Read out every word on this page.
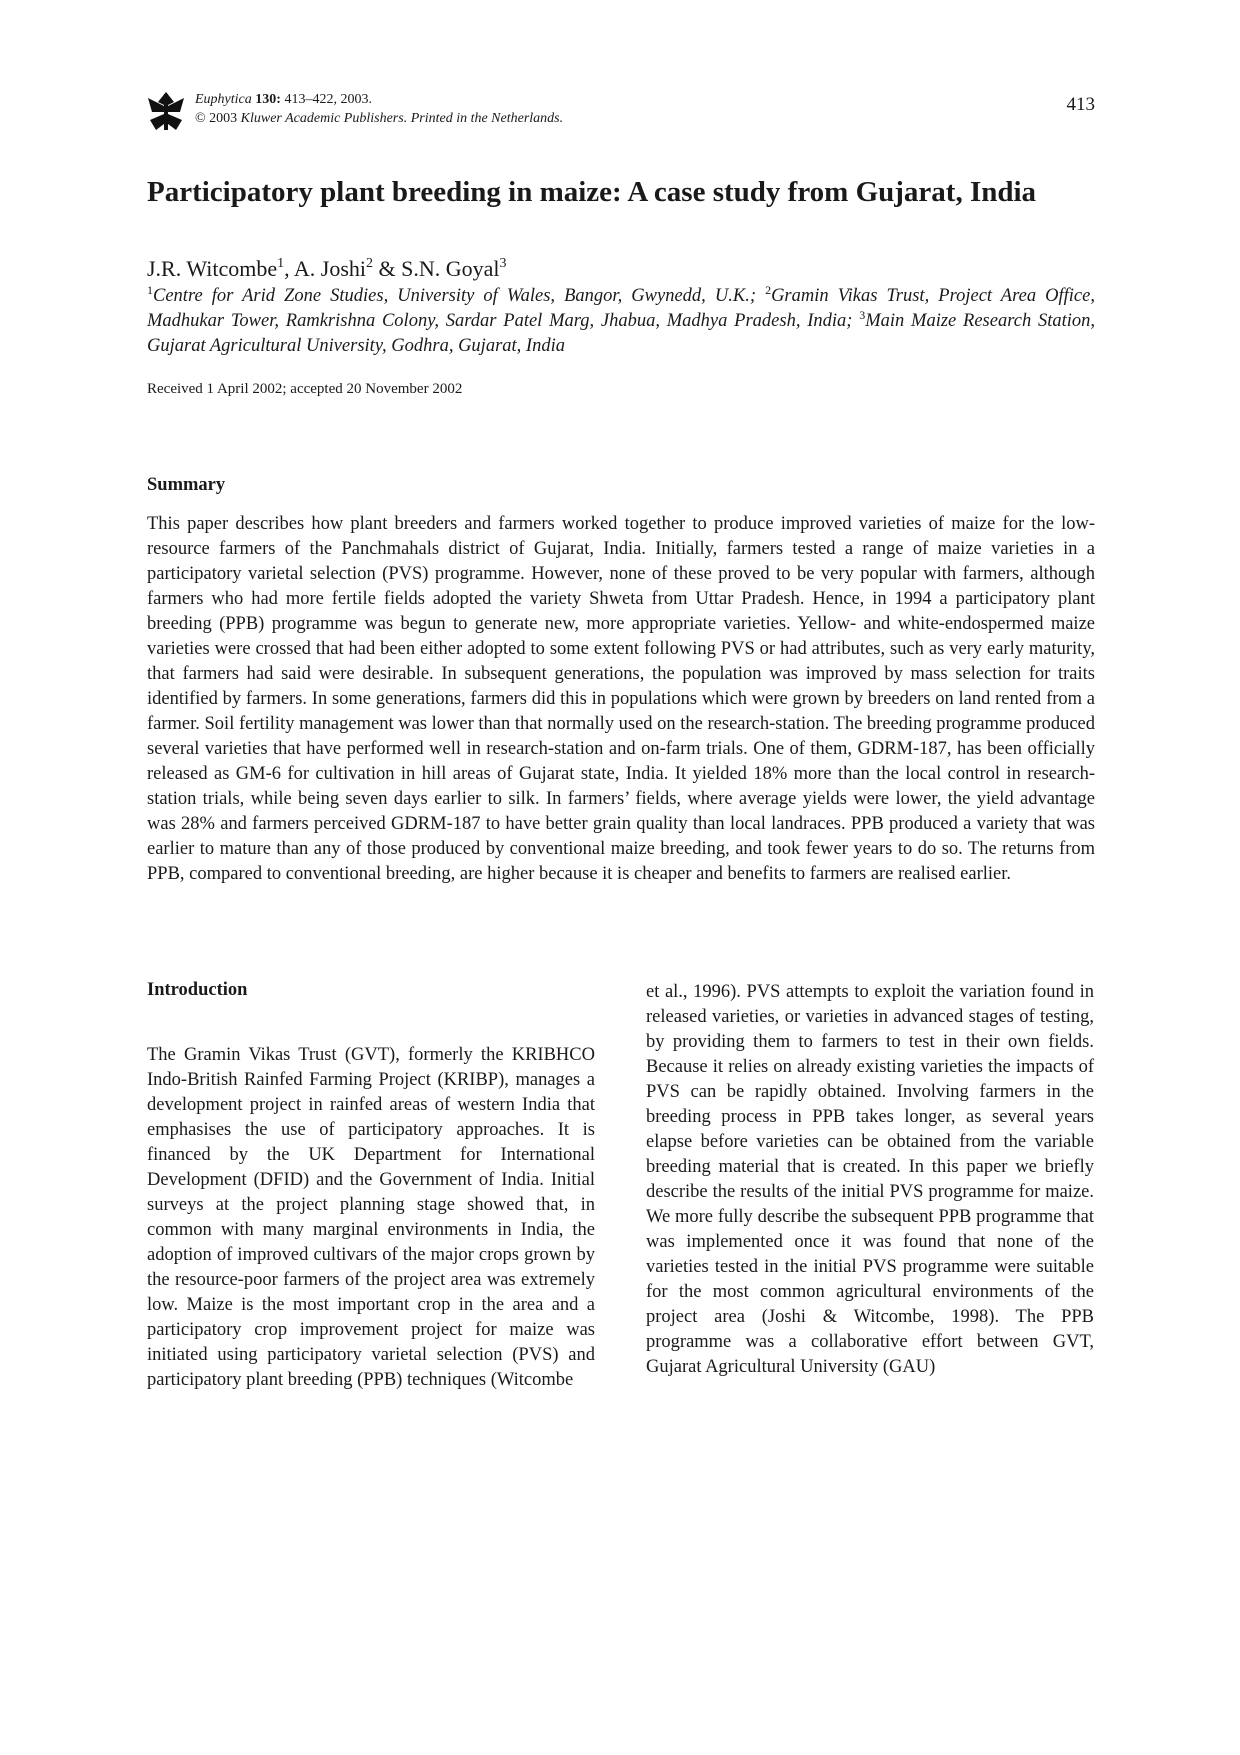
Euphytica 130: 413–422, 2003.
© 2003 Kluwer Academic Publishers. Printed in the Netherlands.
413
Participatory plant breeding in maize: A case study from Gujarat, India
J.R. Witcombe$^1$, A. Joshi$^2$ & S.N. Goyal$^3$
$^1$Centre for Arid Zone Studies, University of Wales, Bangor, Gwynedd, U.K.; $^2$Gramin Vikas Trust, Project Area Office, Madhukar Tower, Ramkrishna Colony, Sardar Patel Marg, Jhabua, Madhya Pradesh, India; $^3$Main Maize Research Station, Gujarat Agricultural University, Godhra, Gujarat, India
Received 1 April 2002; accepted 20 November 2002
Summary

This paper describes how plant breeders and farmers worked together to produce improved varieties of maize for the low-resource farmers of the Panchmahals district of Gujarat, India. Initially, farmers tested a range of maize varieties in a participatory varietal selection (PVS) programme. However, none of these proved to be very popular with farmers, although farmers who had more fertile fields adopted the variety Shweta from Uttar Pradesh. Hence, in 1994 a participatory plant breeding (PPB) programme was begun to generate new, more appropriate varieties. Yellow- and white-endospermed maize varieties were crossed that had been either adopted to some extent following PVS or had attributes, such as very early maturity, that farmers had said were desirable. In subsequent generations, the population was improved by mass selection for traits identified by farmers. In some generations, farmers did this in populations which were grown by breeders on land rented from a farmer. Soil fertility management was lower than that normally used on the research-station. The breeding programme produced several varieties that have performed well in research-station and on-farm trials. One of them, GDRM-187, has been officially released as GM-6 for cultivation in hill areas of Gujarat state, India. It yielded 18% more than the local control in research-station trials, while being seven days earlier to silk. In farmers’ fields, where average yields were lower, the yield advantage was 28% and farmers perceived GDRM-187 to have better grain quality than local landraces. PPB produced a variety that was earlier to mature than any of those produced by conventional maize breeding, and took fewer years to do so. The returns from PPB, compared to conventional breeding, are higher because it is cheaper and benefits to farmers are realised earlier.

Introduction

The Gramin Vikas Trust (GVT), formerly the KRIBHCO Indo-British Rainfed Farming Project (KRIBP), manages a development project in rainfed areas of western India that emphasises the use of participatory approaches. It is financed by the UK Department for International Development (DFID) and the Government of India. Initial surveys at the project planning stage showed that, in common with many marginal environments in India, the adoption of improved cultivars of the major crops grown by the resource-poor farmers of the project area was extremely low. Maize is the most important crop in the area and a participatory crop improvement project for maize was initiated using participatory varietal selection (PVS) and participatory plant breeding (PPB) techniques (Witcombe

et al., 1996). PVS attempts to exploit the variation found in released varieties, or varieties in advanced stages of testing, by providing them to farmers to test in their own fields. Because it relies on already existing varieties the impacts of PVS can be rapidly obtained. Involving farmers in the breeding process in PPB takes longer, as several years elapse before varieties can be obtained from the variable breeding material that is created. In this paper we briefly describe the results of the initial PVS programme for maize. We more fully describe the subsequent PPB programme that was implemented once it was found that none of the varieties tested in the initial PVS programme were suitable for the most common agricultural environments of the project area (Joshi & Witcombe, 1998). The PPB programme was a collaborative effort between GVT, Gujarat Agricultural University (GAU)
